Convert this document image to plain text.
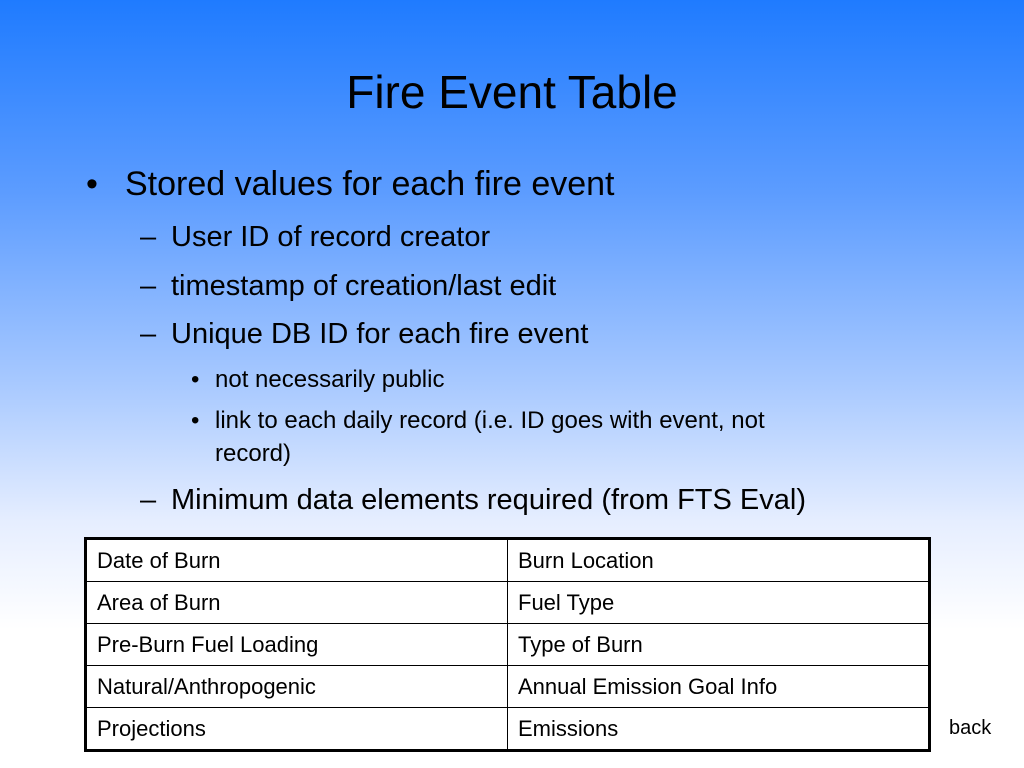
Fire Event Table
• Stored values for each fire event
– User ID of record creator
– timestamp of creation/last edit
– Unique DB ID for each fire event
• not necessarily public
• link to each daily record (i.e. ID goes with event, not
record)
– Minimum data elements required (from FTS Eval)
Date of Burn	Burn Location
Area of Burn	Fuel Type
Pre-Burn Fuel Loading	Type of Burn
Natural/Anthropogenic	Annual Emission Goal Info
Projections	Emissions	back
